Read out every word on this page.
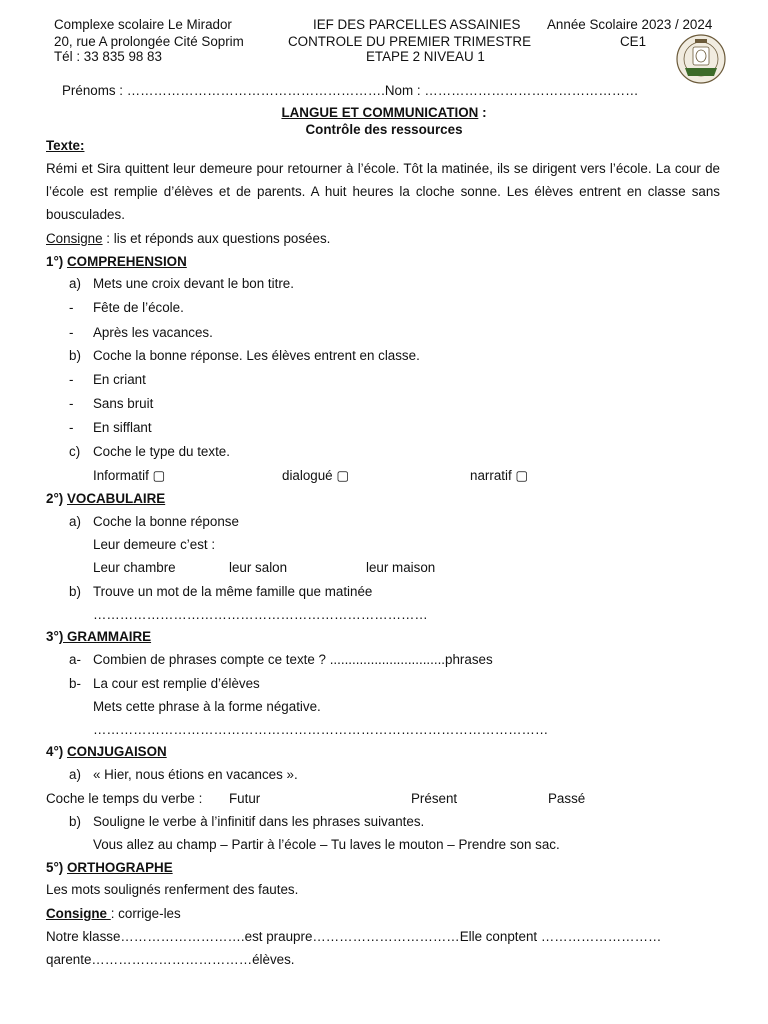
Complexe scolaire Le Mirador
20, rue A prolongée Cité Soprim
Tél : 33 835 98 83
IEF DES PARCELLES ASSAINIES Année Scolaire 2023 / 2024
CONTROLE DU PREMIER TRIMESTRE	CE1
ETAPE 2 NIVEAU 1
Prénoms : ………………………………………………….Nom : …………………………………………
LANGUE ET COMMUNICATION :
Contrôle des ressources
Texte:
Rémi et Sira quittent leur demeure pour retourner à l’école. Tôt la matinée, ils se dirigent vers l’école. La cour de l’école est remplie d’élèves et de parents. A huit heures la cloche sonne. Les élèves entrent en classe sans bousculades.
Consigne : lis et réponds aux questions posées.
1°) COMPREHENSION
a) Mets une croix devant le bon titre.
- Fête de l’école.
- Après les vacances.
b) Coche la bonne réponse. Les élèves entrent en classe.
- En criant
- Sans bruit
- En sifflant
c) Coche le type du texte.
Informatif ▢	dialogué ▢	narratif ▢
2°) VOCABULAIRE
a) Coche la bonne réponse
Leur demeure c’est :
Leur chambre	leur salon	leur maison
b) Trouve un mot de la même famille que matinée
…………………………………………………………………
3°) GRAMMAIRE
a- Combien de phrases compte ce texte ? ...............................phrases
b- La cour est remplie d’élèves
Mets cette phrase à la forme négative.
…………………………………………………………………………………………
4°) CONJUGAISON
a) « Hier, nous étions en vacances ».
Coche le temps du verbe : Futur	Présent	Passé
b) Souligne le verbe à l’infinitif dans les phrases suivantes.
Vous allez au champ – Partir à l’école – Tu laves le mouton – Prendre son sac.
5°) ORTHOGRAPHE
Les mots soulignés renferment des fautes.
Consigne : corrige-les
Notre klasse……………………….est praupre……………………………Elle conptent ………………………
qarente………………………………élèves.
